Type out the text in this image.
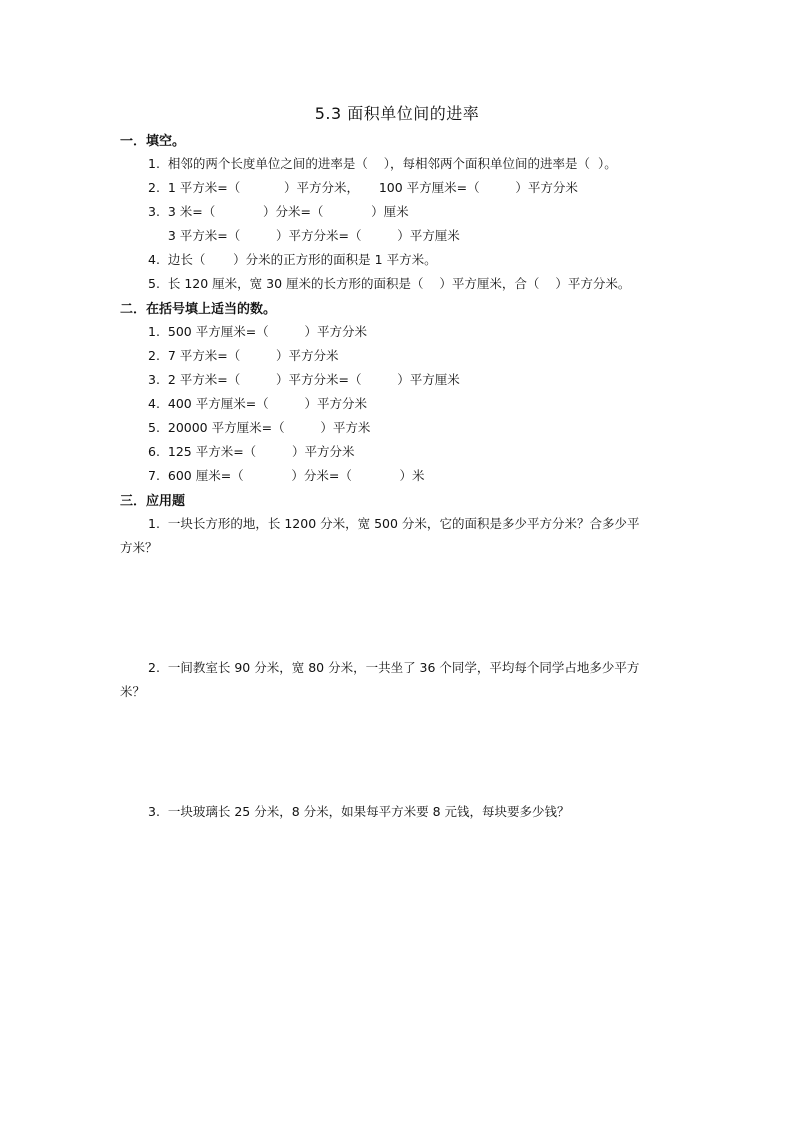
5.3 面积单位间的进率
一．填空。
1.  相邻的两个长度单位之间的进率是（    ），每相邻两个面积单位间的进率是（  ）。
2.  1 平方米=（           ）平方分米，     100 平方厘米=（         ）平方分米
3.  3 米=（            ）分米=（            ）厘米
3 平方米=（         ）平方分米=（         ）平方厘米
4.  边长（       ）分米的正方形的面积是 1 平方米。
5.  长 120 厘米，宽 30 厘米的长方形的面积是（    ）平方厘米，合（    ）平方分米。
二．在括号填上适当的数。
1.  500 平方厘米=（         ）平方分米
2.  7 平方米=（         ）平方分米
3.  2 平方米=（         ）平方分米=（         ）平方厘米
4.  400 平方厘米=（         ）平方分米
5.  20000 平方厘米=（         ）平方米
6.  125 平方米=（         ）平方分米
7.  600 厘米=（            ）分米=（            ）米
三．应用题
1.  一块长方形的地，长 1200 分米，宽 500 分米，它的面积是多少平方分米？合多少平
方米？
2.  一间教室长 90 分米，宽 80 分米，一共坐了 36 个同学，平均每个同学占地多少平方
米？
3.  一块玻璃长 25 分米，8 分米，如果每平方米要 8 元钱，每块要多少钱？
